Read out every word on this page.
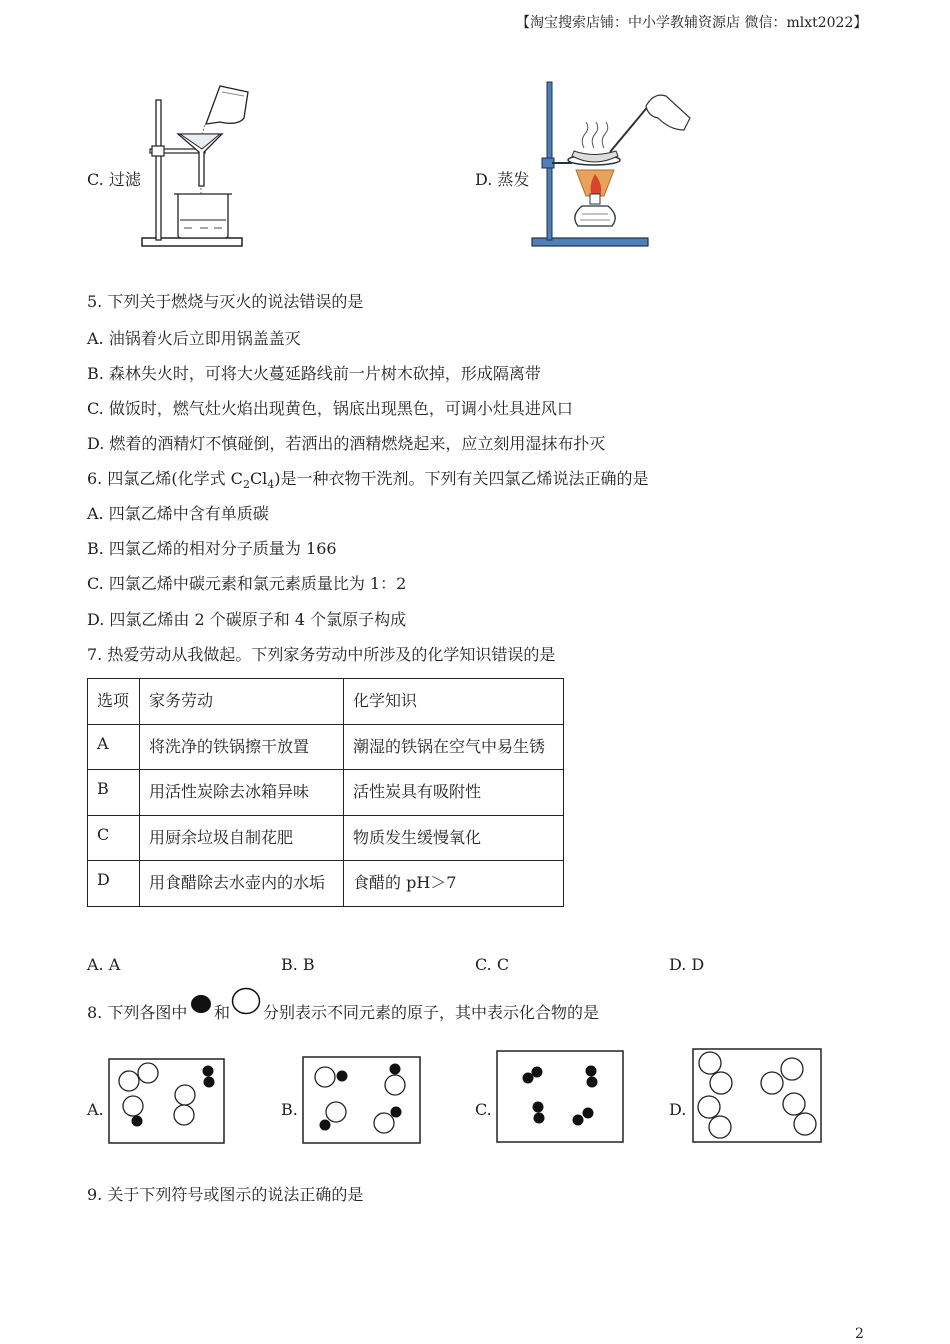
【淘宝搜索店铺：中小学教辅资源店 微信：mlxt2022】
C. 过滤	D. 蒸发
5. 下列关于燃烧与灭火的说法错误的是
A. 油锅着火后立即用锅盖盖灭
B. 森林失火时，可将大火蔓延路线前一片树木砍掉，形成隔离带
C. 做饭时，燃气灶火焰出现黄色，锅底出现黑色，可调小灶具进风口
D. 燃着的酒精灯不慎碰倒，若洒出的酒精燃烧起来，应立刻用湿抹布扑灭
6. 四氯乙烯(化学式 $C_2Cl_4$)是一种衣物干洗剂。下列有关四氯乙烯说法正确的是
A. 四氯乙烯中含有单质碳
B. 四氯乙烯的相对分子质量为 166
C. 四氯乙烯中碳元素和氯元素质量比为 1：2
D. 四氯乙烯由 2 个碳原子和 4 个氯原子构成
7. 热爱劳动从我做起。下列家务劳动中所涉及的化学知识错误的是
选项	家务劳动	化学知识
A	将洗净的铁锅擦干放置	潮湿的铁锅在空气中易生锈
B	用活性炭除去冰箱异味	活性炭具有吸附性
C	用厨余垃圾自制花肥	物质发生缓慢氧化
D	用食醋除去水壶内的水垢	食醋的 pH＞7
A. A	B. B	C. C	D. D
8. 下列各图中 和 分别表示不同元素的原子，其中表示化合物的是
A.	B.	C.	D.
9. 关于下列符号或图示的说法正确的是
2
